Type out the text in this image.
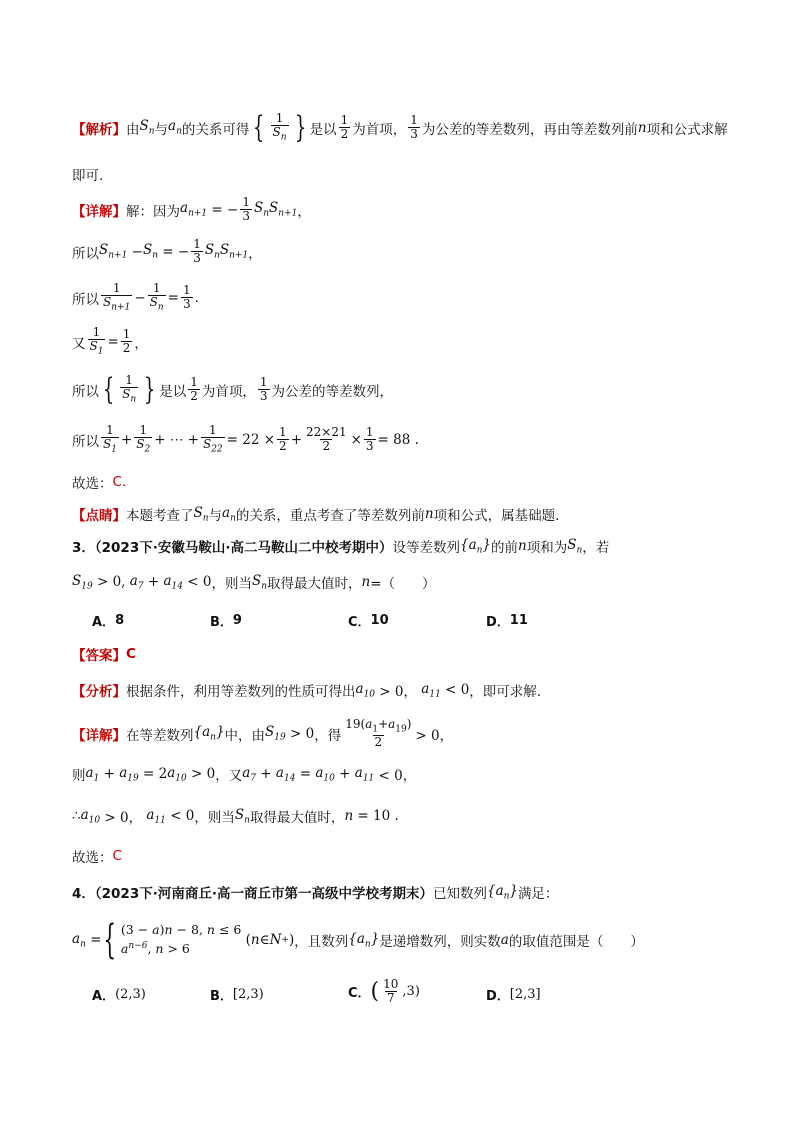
【解析】 由 $S_n$ 与 $a_n$ 的关系可得 { $\frac{1}{S_n}$ } 是以 $\frac{1}{2}$ 为首项， $\frac{1}{3}$ 为公差的等差数列，再由等差数列前 n 项和公式求解
即可.
【详解】 解：因为 $a_{n+1}$ = − $\frac{1}{3} S_nS_{n+1}$ ，
所以 $S_{n+1} - S_n$ = − $\frac{1}{3} S_nS_{n+1}$ ，
所以 $\frac{1}{S_{n+1}} - \frac{1}{S_n} = \frac{1}{3}$ .
又 $\frac{1}{S_1} = \frac{1}{2}$ ，
所以 { $\frac{1}{S_n}$ } 是以 $\frac{1}{2}$ 为首项， $\frac{1}{3}$ 为公差的等差数列，
所以 $\frac{1}{S_1} + \frac{1}{S_2}$ + ⋯ + $\frac{1}{S_{22}} = 22 \times \frac{1}{2} + \frac{22\times 21}{2} \times \frac{1}{3} = 88$ .
故选： C.
【点睛】 本题考查了 $S_n$ 与 $a_n$ 的关系，重点考查了等差数列前 n 项和公式，属基础题.
3．（2023下·安徽马鞍山·高二马鞍山二中校考期中） 设等差数列 $\{a_n\}$ 的前 n 项和为 $S_n$ ，若
$S_{19} > 0$, $a_7 + a_{14} < 0$ ，则当 $S_n$ 取得最大值时， n =（　　）
A． 8	B． 9	C． 10	D． 11
【答案】 C
【分析】 根据条件，利用等差数列的性质可得出 $a_{10} > 0$， $a_{11} < 0$ ，即可求解.
【详解】 在等差数列 $\{a_n\}$ 中，由 $S_{19} > 0$ ，得 $\frac{19(a_1+a_{19})}{2} > 0$，
则 $a_1 + a_{19} = 2$ $a_{10} > 0$ ，又 $a_7 + a_{14} = a_{10} + a_{11} < 0$，
∴ $a_{10} > 0$， $a_{11} < 0$ ，则当 $S_n$ 取得最大值时， n = 10 .
故选： C
4．（2023下·河南商丘·高一商丘市第一高级中学校考期末） 已知数列 $\{a_n\}$ 满足：
$a_n$ = { (3 − a)n − 8, n ≤ 6
$a^{n-6}$, n > 6
( n ∈ N + ) ，且数列 $\{a_n\}$ 是递增数列，则实数 a 的取值范围是（　　）
A． (2,3)	B． [2,3)	C． ( $\frac{10}{7} ,3$)	D． [2,3]
